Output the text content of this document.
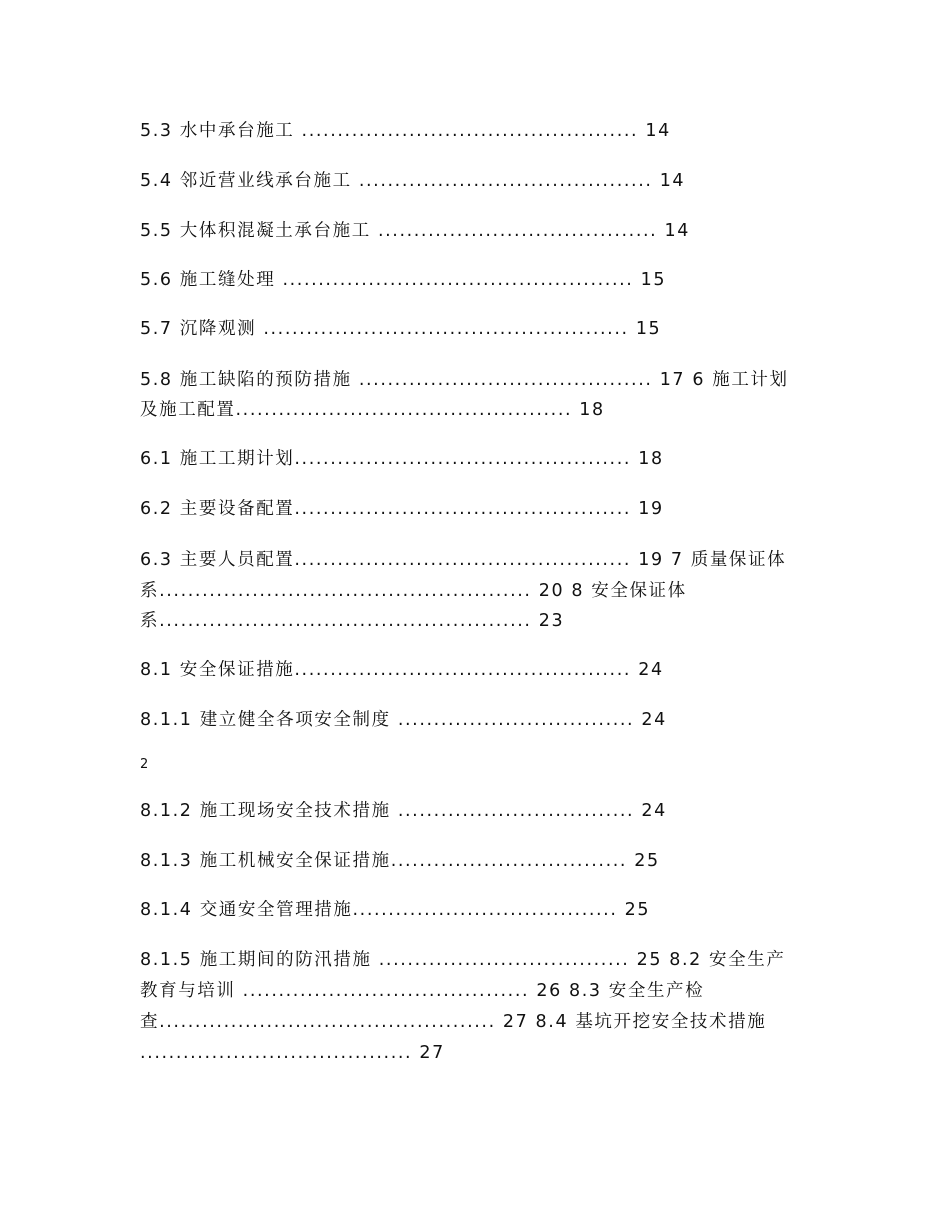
5.3 水中承台施工 ............................................... 14
5.4 邻近营业线承台施工 ......................................... 14
5.5 大体积混凝土承台施工 ....................................... 14
5.6 施工缝处理 ................................................. 15
5.7 沉降观测 ................................................... 15
5.8 施工缺陷的预防措施 ......................................... 17 6 施工计划
及施工配置............................................... 18
6.1 施工工期计划............................................... 18
6.2 主要设备配置............................................... 19
6.3 主要人员配置............................................... 19 7 质量保证体
系.................................................... 20 8 安全保证体
系.................................................... 23
8.1 安全保证措施............................................... 24
8.1.1 建立健全各项安全制度 ................................. 24
2
8.1.2 施工现场安全技术措施 ................................. 24
8.1.3 施工机械安全保证措施................................. 25
8.1.4 交通安全管理措施..................................... 25
8.1.5 施工期间的防汛措施 ................................... 25 8.2 安全生产
教育与培训 ........................................ 26 8.3 安全生产检
查............................................... 27 8.4 基坑开挖安全技术措施
...................................... 27
